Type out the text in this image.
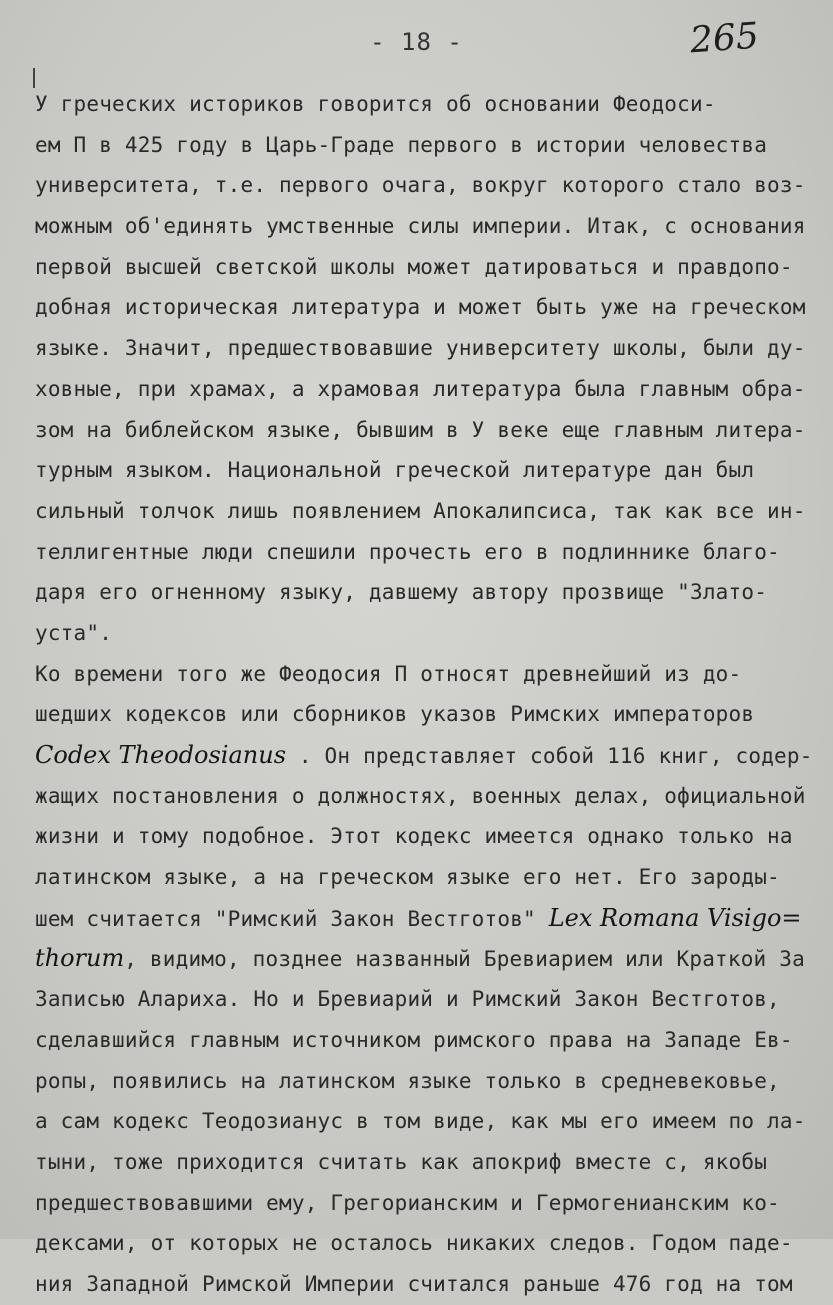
- 18 -	265
У греческих историков говорится об основании Феодоси-
ем П в 425 году в Царь-Граде первого в истории человества
университета, т.е. первого очага, вокруг которого стало воз-
можным об'единять умственные силы империи. Итак, с основания
первой высшей светской школы может датироваться и правдопо-
добная историческая литература и может быть уже на греческом
языке. Значит, предшествовавшие университету школы, были ду-
ховные, при храмах, а храмовая литература была главным обра-
зом на библейском языке, бывшим в У веке еще главным литера-
турным языком. Национальной греческой литературе дан был
сильный толчок лишь появлением Апокалипсиса, так как все ин-
теллигентные люди спешили прочесть его в подлиннике благо-
даря его огненному языку, давшему автору прозвище "Злато-
уста".
Ко времени того же Феодосия П относят древнейший из до-
шедших кодексов или сборников указов Римских императоров
Codex Theodosianus . Он представляет собой 116 книг, содер-
жащих постановления о должностях, военных делах, официальной
жизни и тому подобное. Этот кодекс имеется однако только на
латинском языке, а на греческом языке его нет. Его зароды-
шем считается "Римский Закон Вестготов" Lex Romana Visigo=
thorum, видимо, позднее названный Бревиарием или Краткой За
Записью Алариха. Но и Бревиарий и Римский Закон Вестготов,
сделавшийся главным источником римского права на Западе Ев-
ропы, появились на латинском языке только в средневековье,
а сам кодекс Теодозианус в том виде, как мы его имеем по ла-
тыни, тоже приходится считать как апокриф вместе с, якобы
предшествовавшими ему, Грегорианским и Гермогенианским ко-
дексами, от которых не осталось никаких следов. Годом паде-
ния Западной Римской Империи считался раньше 476 год на том
